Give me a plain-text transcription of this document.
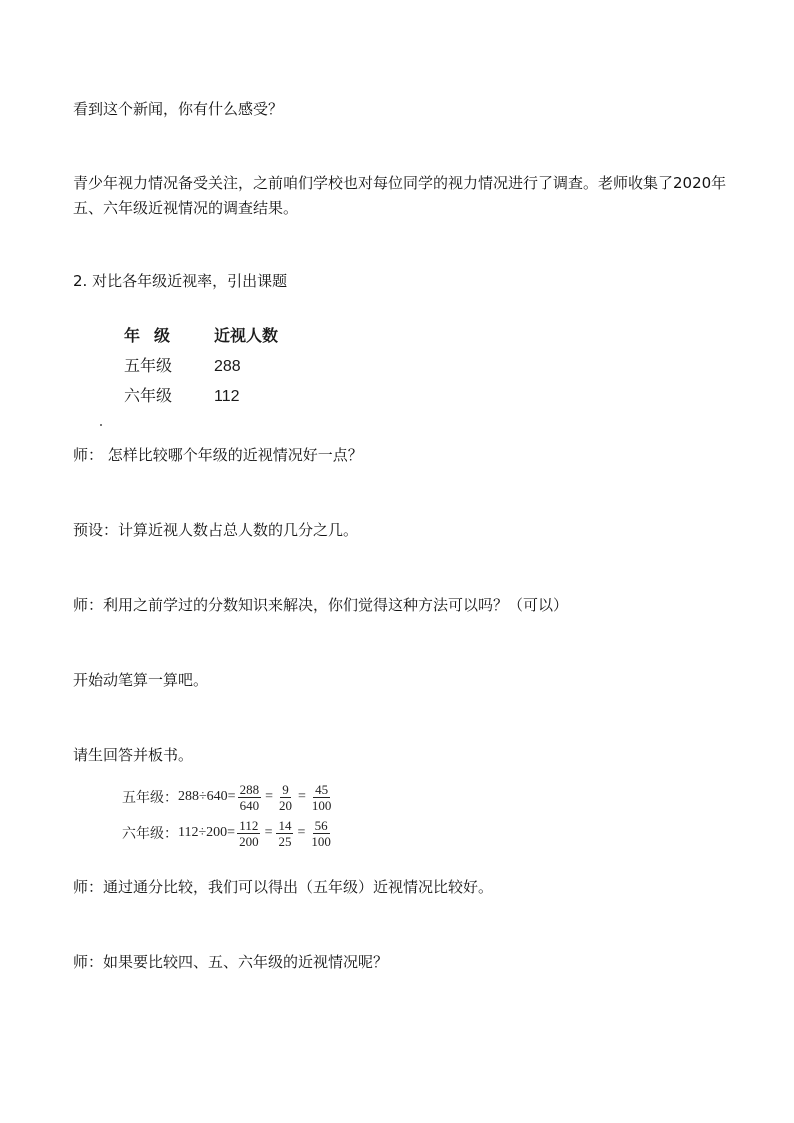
看到这个新闻，你有什么感受？

青少年视力情况备受关注，之前咱们学校也对每位同学的视力情况进行了调查。老师收集了2020年五、六年级近视情况的调查结果。

2. 对比各年级近视率，引出课题

年级	近视人数
五年级	288
六年级	112

师： 怎样比较哪个年级的近视情况好一点？

预设：计算近视人数占总人数的几分之几。

师：利用之前学过的分数知识来解决，你们觉得这种方法可以吗？（可以）

开始动笔算一算吧。

请生回答并板书。

五年级： $288\div 640= \frac{288}{640} = \frac{9}{20} = \frac{45}{100}$
六年级： $112\div 200= \frac{112}{200} = \frac{14}{25} = \frac{56}{100}$

师：通过通分比较，我们可以得出（五年级）近视情况比较好。

师：如果要比较四、五、六年级的近视情况呢？
